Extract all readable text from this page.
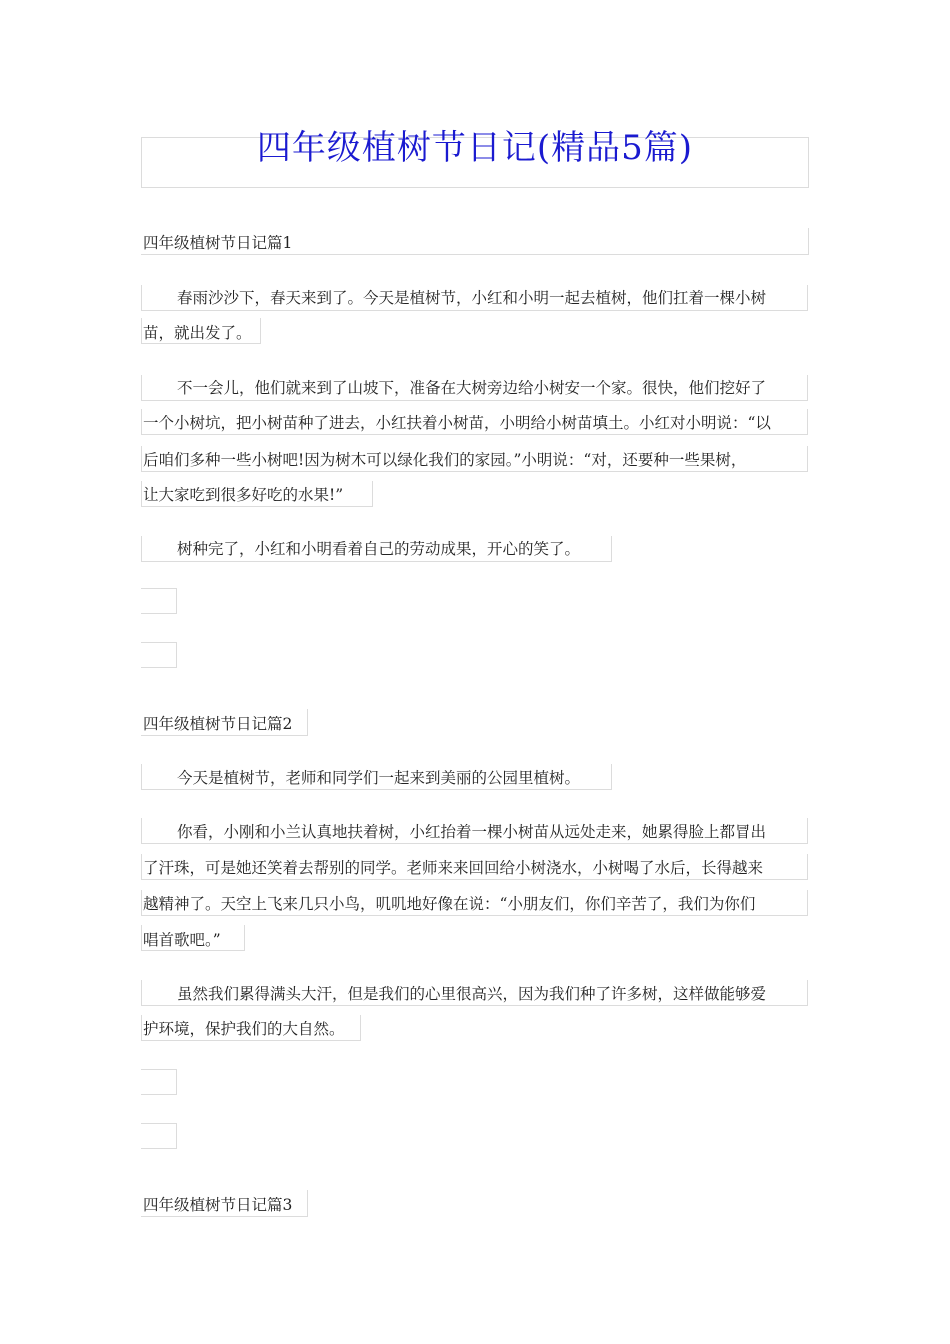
四年级植树节日记(精品5篇)
四年级植树节日记篇1
春雨沙沙下，春天来到了。今天是植树节，小红和小明一起去植树，他们扛着一棵小树
苗，就出发了。
不一会儿，他们就来到了山坡下，准备在大树旁边给小树安一个家。很快，他们挖好了
一个小树坑，把小树苗种了进去，小红扶着小树苗，小明给小树苗填土。小红对小明说：“以
后咱们多种一些小树吧!因为树木可以绿化我们的家园。”小明说：“对，还要种一些果树，
让大家吃到很多好吃的水果!”
树种完了，小红和小明看着自己的劳动成果，开心的笑了。
四年级植树节日记篇2
今天是植树节，老师和同学们一起来到美丽的公园里植树。
你看，小刚和小兰认真地扶着树，小红抬着一棵小树苗从远处走来，她累得脸上都冒出
了汗珠，可是她还笑着去帮别的同学。老师来来回回给小树浇水，小树喝了水后，长得越来
越精神了。天空上飞来几只小鸟，叽叽地好像在说：“小朋友们，你们辛苦了，我们为你们
唱首歌吧。”
虽然我们累得满头大汗，但是我们的心里很高兴，因为我们种了许多树，这样做能够爱
护环境，保护我们的大自然。
四年级植树节日记篇3
